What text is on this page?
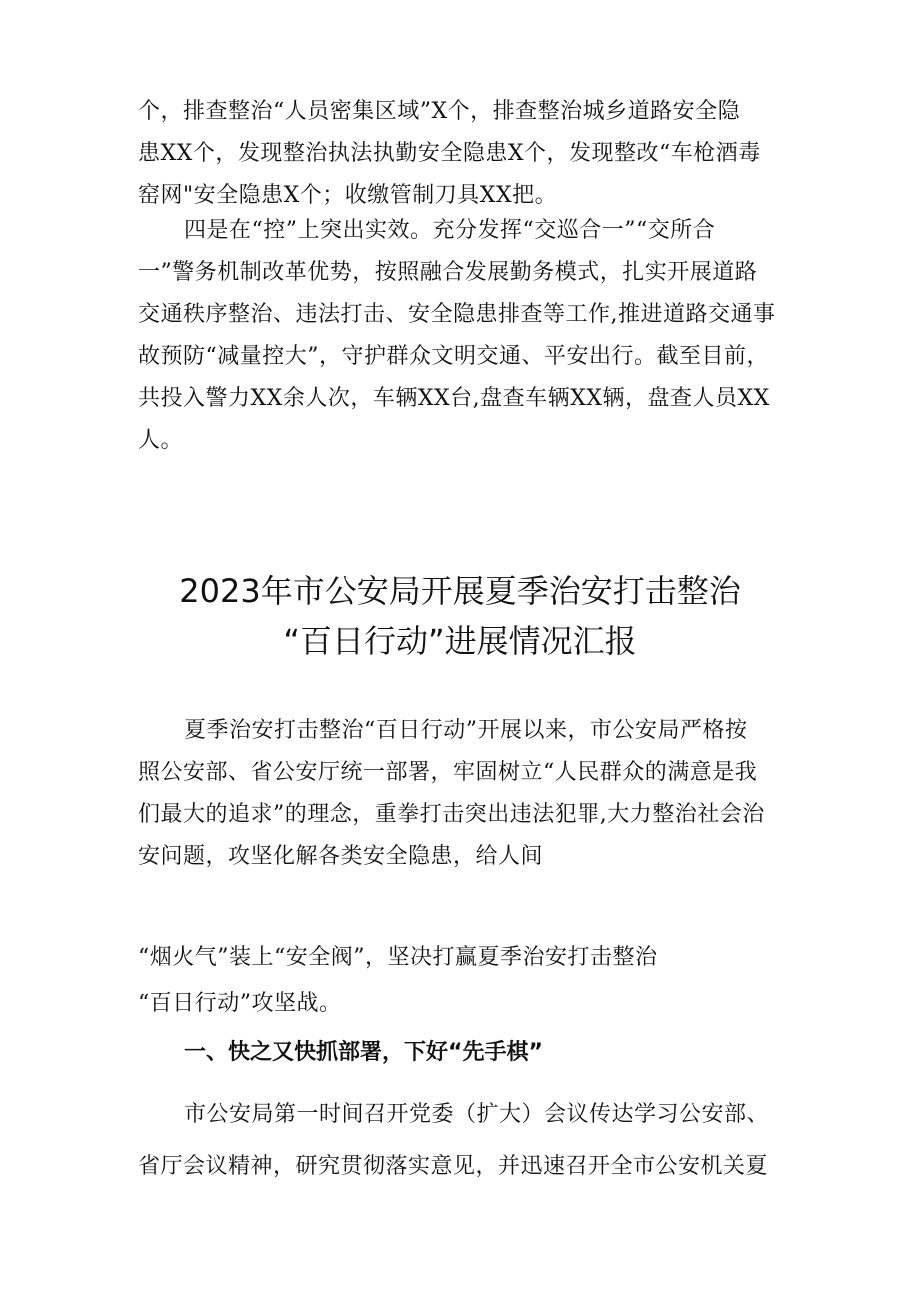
个，排查整治“人员密集区域”X个，排查整治城乡道路安全隐
患XX个，发现整治执法执勤安全隐患X个，发现整改“车枪酒毒
窑网"安全隐患X个；收缴管制刀具XX把。
四是在“控”上突出实效。充分发挥“交巡合一”“交所合
一”警务机制改革优势，按照融合发展勤务模式，扎实开展道路
交通秩序整治、违法打击、安全隐患排查等工作,推进道路交通事
故预防“减量控大”，守护群众文明交通、平安出行。截至目前，
共投入警力XX余人次，车辆XX台,盘查车辆XX辆，盘查人员XX
人。
2023年市公安局开展夏季治安打击整治
“百日行动”进展情况汇报
夏季治安打击整治“百日行动”开展以来，市公安局严格按
照公安部、省公安厅统一部署，牢固树立“人民群众的满意是我
们最大的追求”的理念，重拳打击突出违法犯罪,大力整治社会治
安问题，攻坚化解各类安全隐患，给人间
“烟火气”装上“安全阀”，坚决打赢夏季治安打击整治
“百日行动”攻坚战。
一、快之又快抓部署，下好“先手棋”
市公安局第一时间召开党委（扩大）会议传达学习公安部、
省厅会议精神，研究贯彻落实意见，并迅速召开全市公安机关夏
